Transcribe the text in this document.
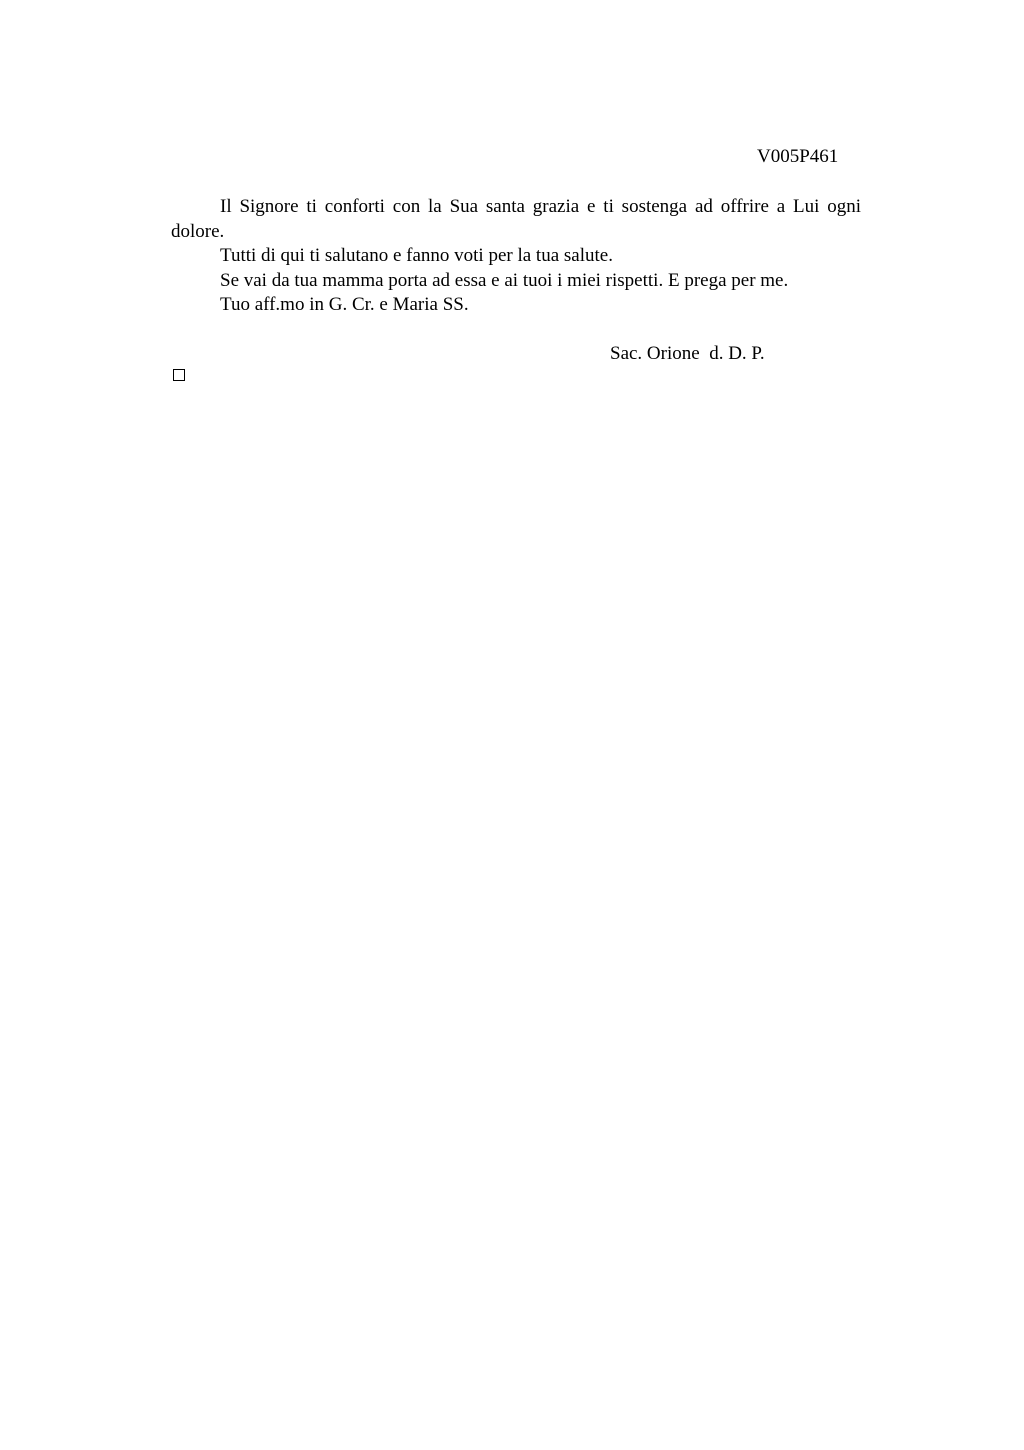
V005P461

Il Signore ti conforti con la Sua santa grazia e ti sostenga ad offrire a Lui ogni dolore.

Tutti di qui ti salutano e fanno voti per la tua salute.

Se vai da tua mamma porta ad essa e ai tuoi i miei rispetti. E prega per me.

Tuo aff.mo in G. Cr. e Maria SS.

Sac. Orione  d. D. P.
